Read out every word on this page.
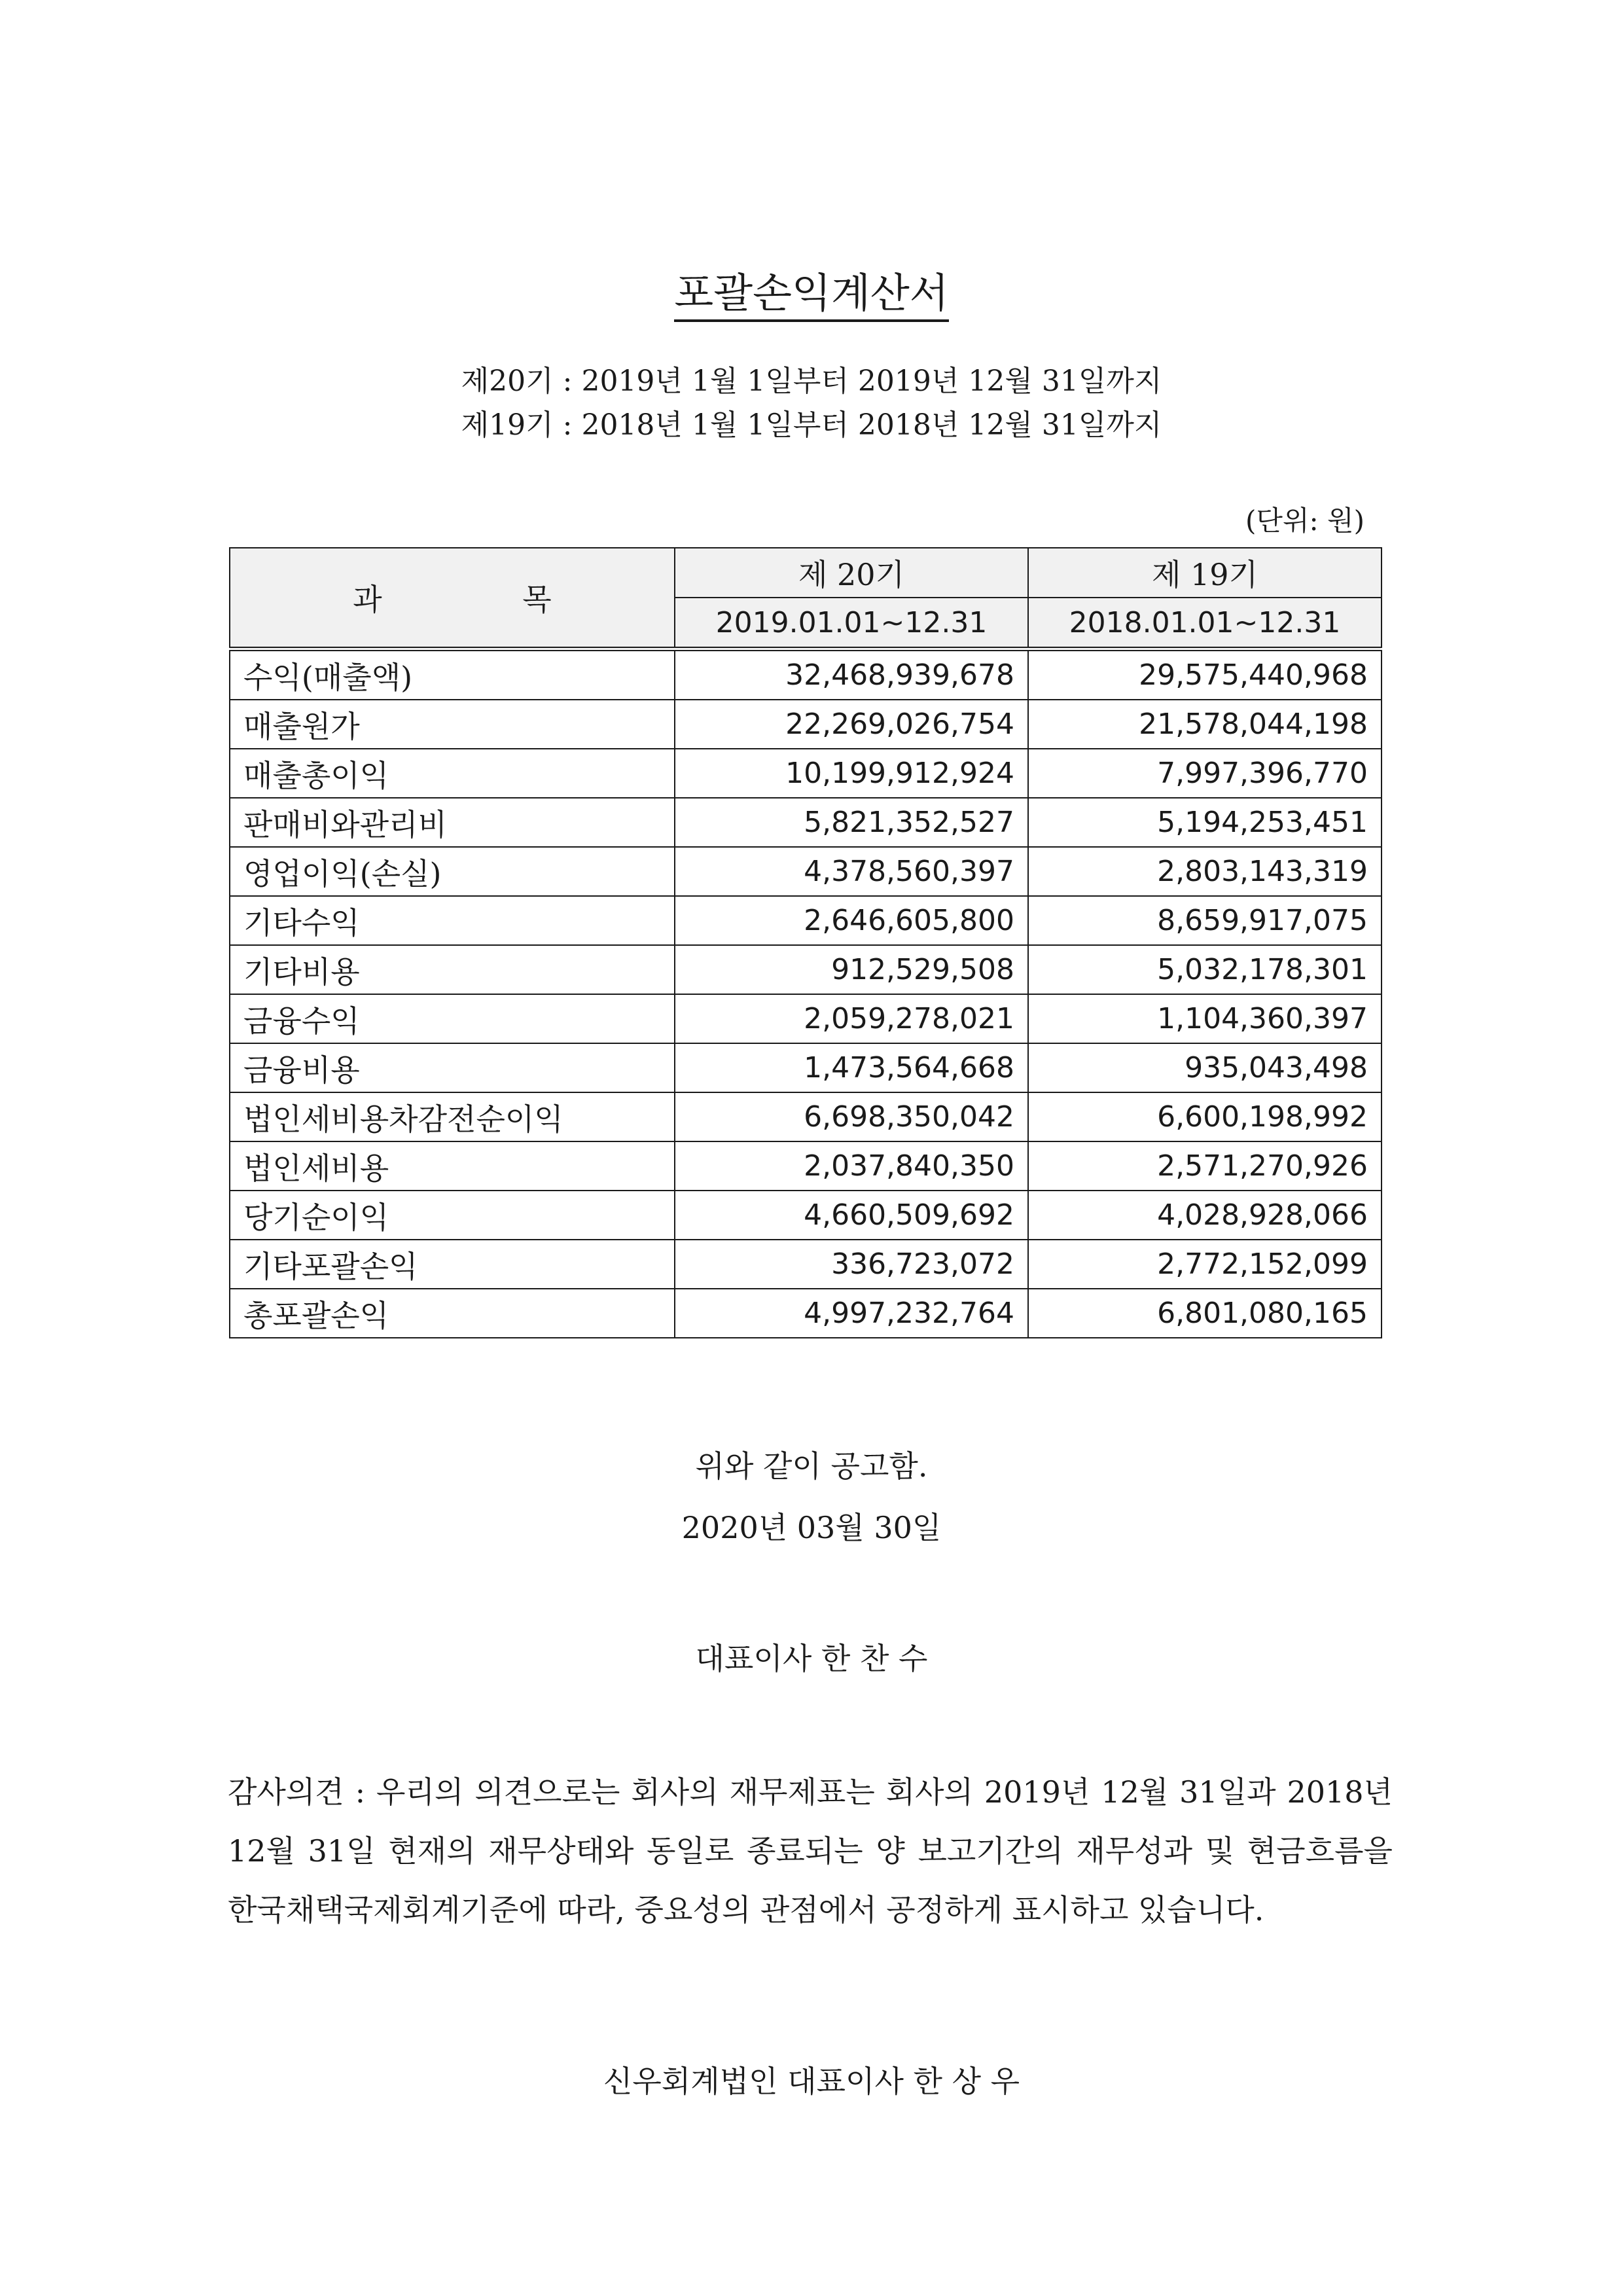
포괄손익계산서
제20기 : 2019년 1월 1일부터 2019년 12월 31일까지
제19기 : 2018년 1월 1일부터 2018년 12월 31일까지
(단위: 원)
과 목	제 20기	제 19기
	2019.01.01~12.31	2018.01.01~12.31
수익(매출액)	32,468,939,678	29,575,440,968
매출원가	22,269,026,754	21,578,044,198
매출총이익	10,199,912,924	7,997,396,770
판매비와관리비	5,821,352,527	5,194,253,451
영업이익(손실)	4,378,560,397	2,803,143,319
기타수익	2,646,605,800	8,659,917,075
기타비용	912,529,508	5,032,178,301
금융수익	2,059,278,021	1,104,360,397
금융비용	1,473,564,668	935,043,498
법인세비용차감전순이익	6,698,350,042	6,600,198,992
법인세비용	2,037,840,350	2,571,270,926
당기순이익	4,660,509,692	4,028,928,066
기타포괄손익	336,723,072	2,772,152,099
총포괄손익	4,997,232,764	6,801,080,165
위와 같이 공고함.
2020년 03월 30일
대표이사 한 찬 수
감사의견 : 우리의 의견으로는 회사의 재무제표는 회사의 2019년 12월 31일과 2018년 12월 31일 현재의 재무상태와 동일로 종료되는 양 보고기간의 재무성과 및 현금흐름을 한국채택국제회계기준에 따라, 중요성의 관점에서 공정하게 표시하고 있습니다.
신우회계법인 대표이사 한 상 우
